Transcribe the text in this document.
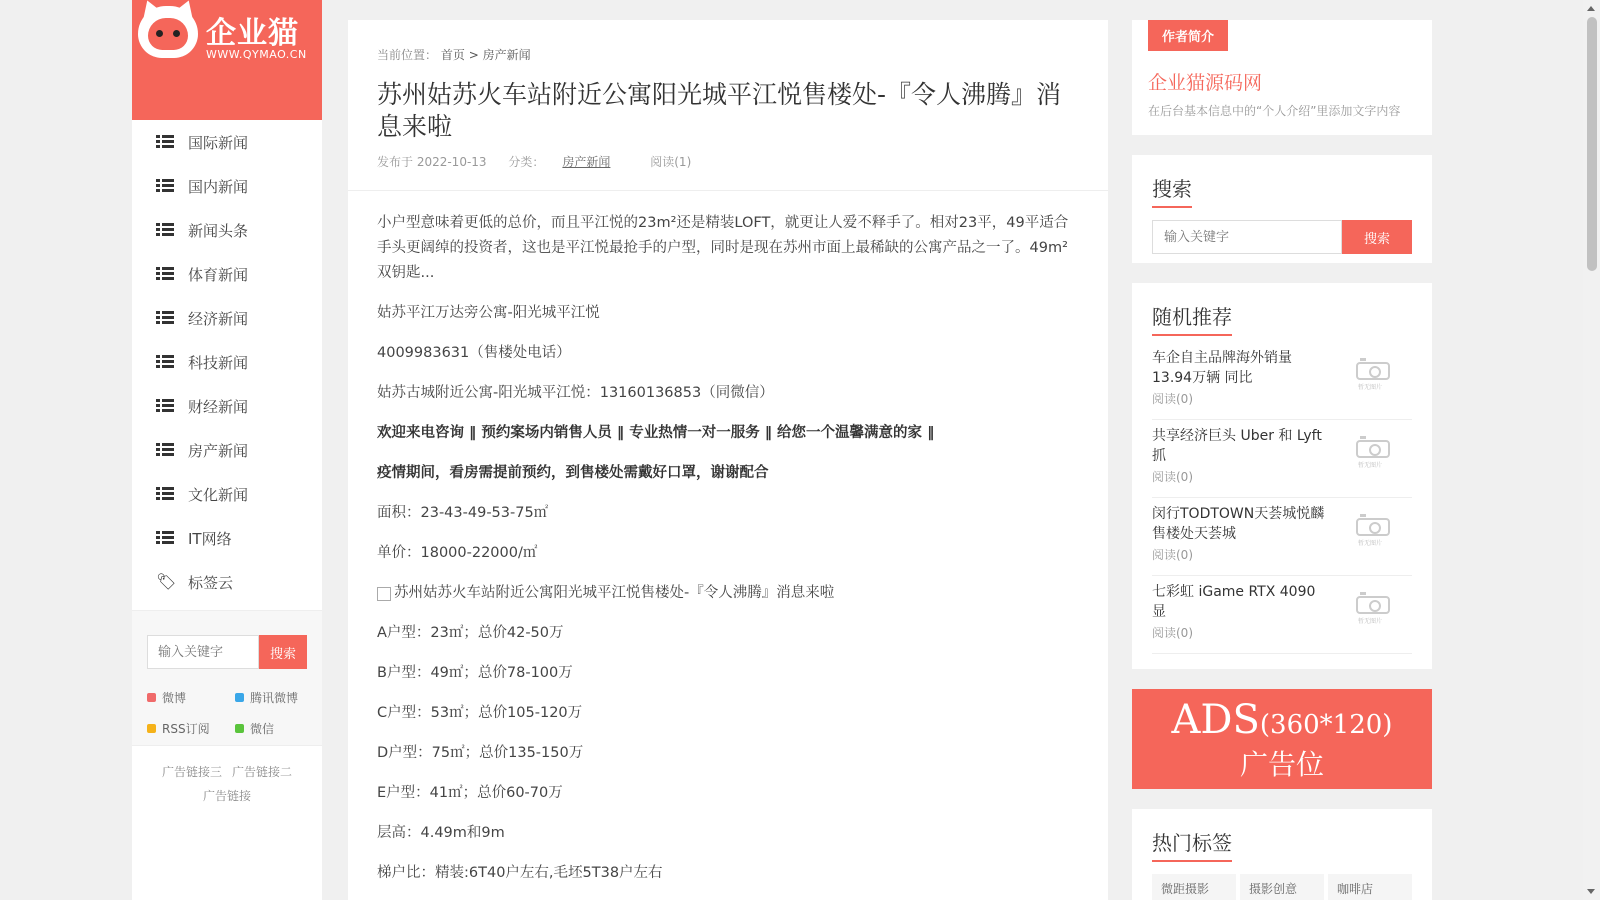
企业猫
WWW.QYMAO.CN
国际新闻
国内新闻
新闻头条
体育新闻
经济新闻
科技新闻
财经新闻
房产新闻
文化新闻
IT网络
🏷 标签云
输入关键字
搜索
微博	腾讯微博
RSS订阅	微信
广告链接三 广告链接二
广告链接
当前位置： 首页 > 房产新闻
苏州姑苏火车站附近公寓阳光城平江悦售楼处-『令人沸腾』消息来啦
发布于 2022-10-13 分类： 房产新闻	阅读(1)

小户型意味着更低的总价，而且平江悦的23m²还是精装LOFT，就更让人爱不释手了。相对23平，49平适合手头更阔绰的投资者，这也是平江悦最抢手的户型，同时是现在苏州市面上最稀缺的公寓产品之一了。49m²双钥匙...

姑苏平江万达旁公寓-阳光城平江悦

4009983631（售楼处电话）

姑苏古城附近公寓-阳光城平江悦：13160136853（同微信）

欢迎来电咨询 ‖ 预约案场内销售人员 ‖ 专业热情一对一服务 ‖ 给您一个温馨满意的家 ‖

疫情期间，看房需提前预约，到售楼处需戴好口罩，谢谢配合

面积：23-43-49-53-75㎡

单价：18000-22000/㎡

苏州姑苏火车站附近公寓阳光城平江悦售楼处-『令人沸腾』消息来啦

A户型：23㎡；总价42-50万

B户型：49㎡；总价78-100万

C户型：53㎡；总价105-120万

D户型：75㎡；总价135-150万

E户型：41㎡；总价60-70万

层高：4.49m和9m

梯户比：精装:6T40户左右,毛坯5T38户左右

作者简介
企业猫源码网
在后台基本信息中的“个人介绍”里添加文字内容
搜索
输入关键字
搜索
随机推荐
车企自主品牌海外销量13.94万辆 同比
阅读(0)
暂无图片
共享经济巨头 Uber 和 Lyft 抓
阅读(0)
暂无图片
闵行TODTOWN天荟城悦麟售楼处天荟城
阅读(0)
暂无图片
七彩虹 iGame RTX 4090 显
阅读(0)
暂无图片
ADS(360*120)
广告位
热门标签
微距摄影	摄影创意	咖啡店
